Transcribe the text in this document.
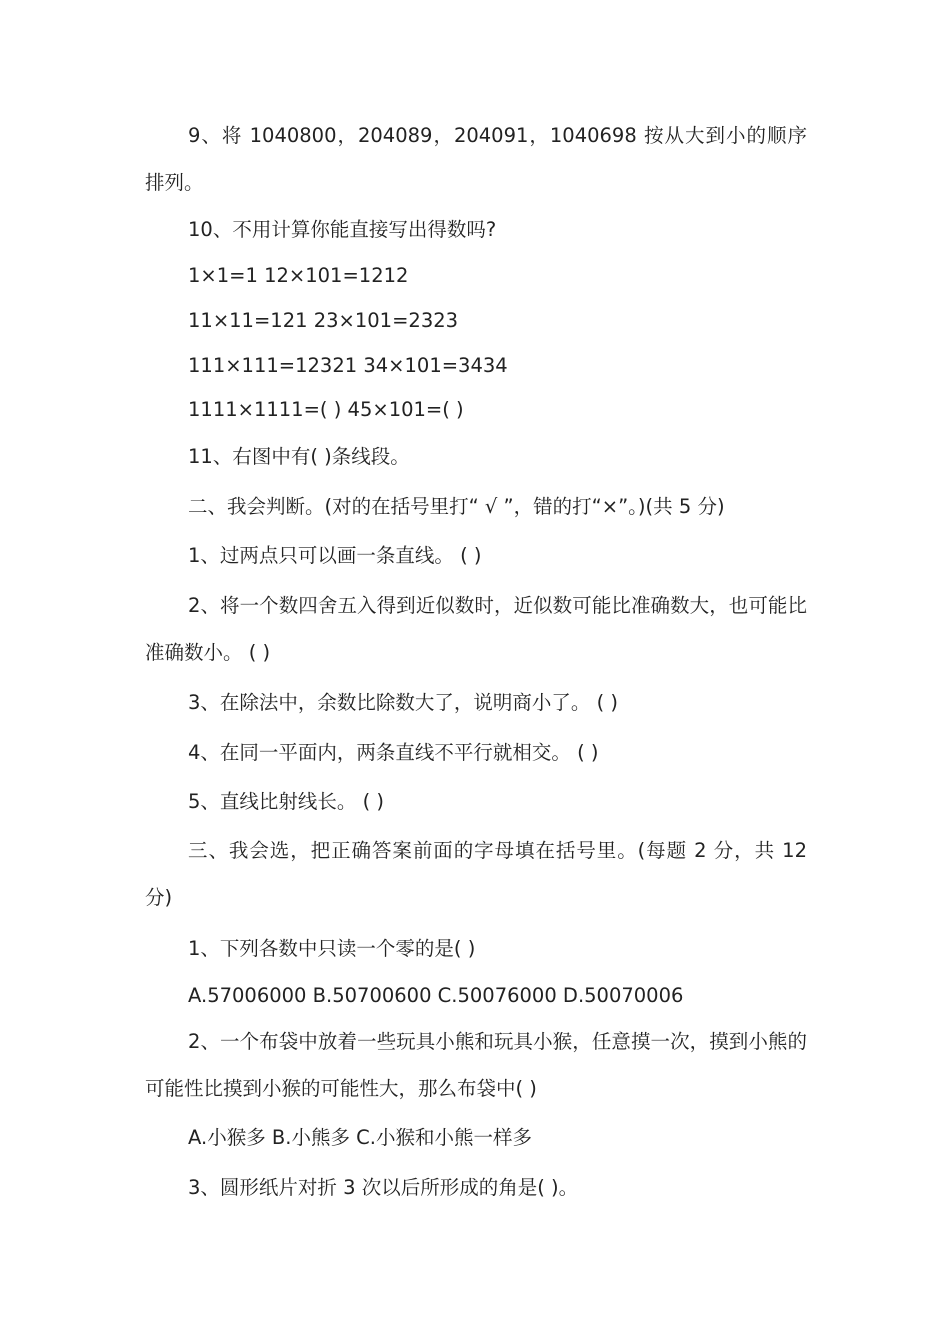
9、将 1040800，204089，204091，1040698 按从大到小的顺序排列。

10、不用计算你能直接写出得数吗?

1×1=1 12×101=1212

11×11=121 23×101=2323

111×111=12321 34×101=3434

1111×1111=( ) 45×101=( )

11、右图中有( )条线段。

二、我会判断。(对的在括号里打“ √ ”，错的打“×”。)(共 5 分)

1、过两点只可以画一条直线。 ( )

2、将一个数四舍五入得到近似数时，近似数可能比准确数大，也可能比准确数小。 ( )

3、在除法中，余数比除数大了，说明商小了。 ( )

4、在同一平面内，两条直线不平行就相交。 ( )

5、直线比射线长。 ( )

三、我会选，把正确答案前面的字母填在括号里。(每题 2 分，共 12 分)

1、下列各数中只读一个零的是( )

A.57006000 B.50700600 C.50076000 D.50070006

2、一个布袋中放着一些玩具小熊和玩具小猴，任意摸一次，摸到小熊的可能性比摸到小猴的可能性大，那么布袋中( )

A.小猴多 B.小熊多 C.小猴和小熊一样多

3、圆形纸片对折 3 次以后所形成的角是( )。
